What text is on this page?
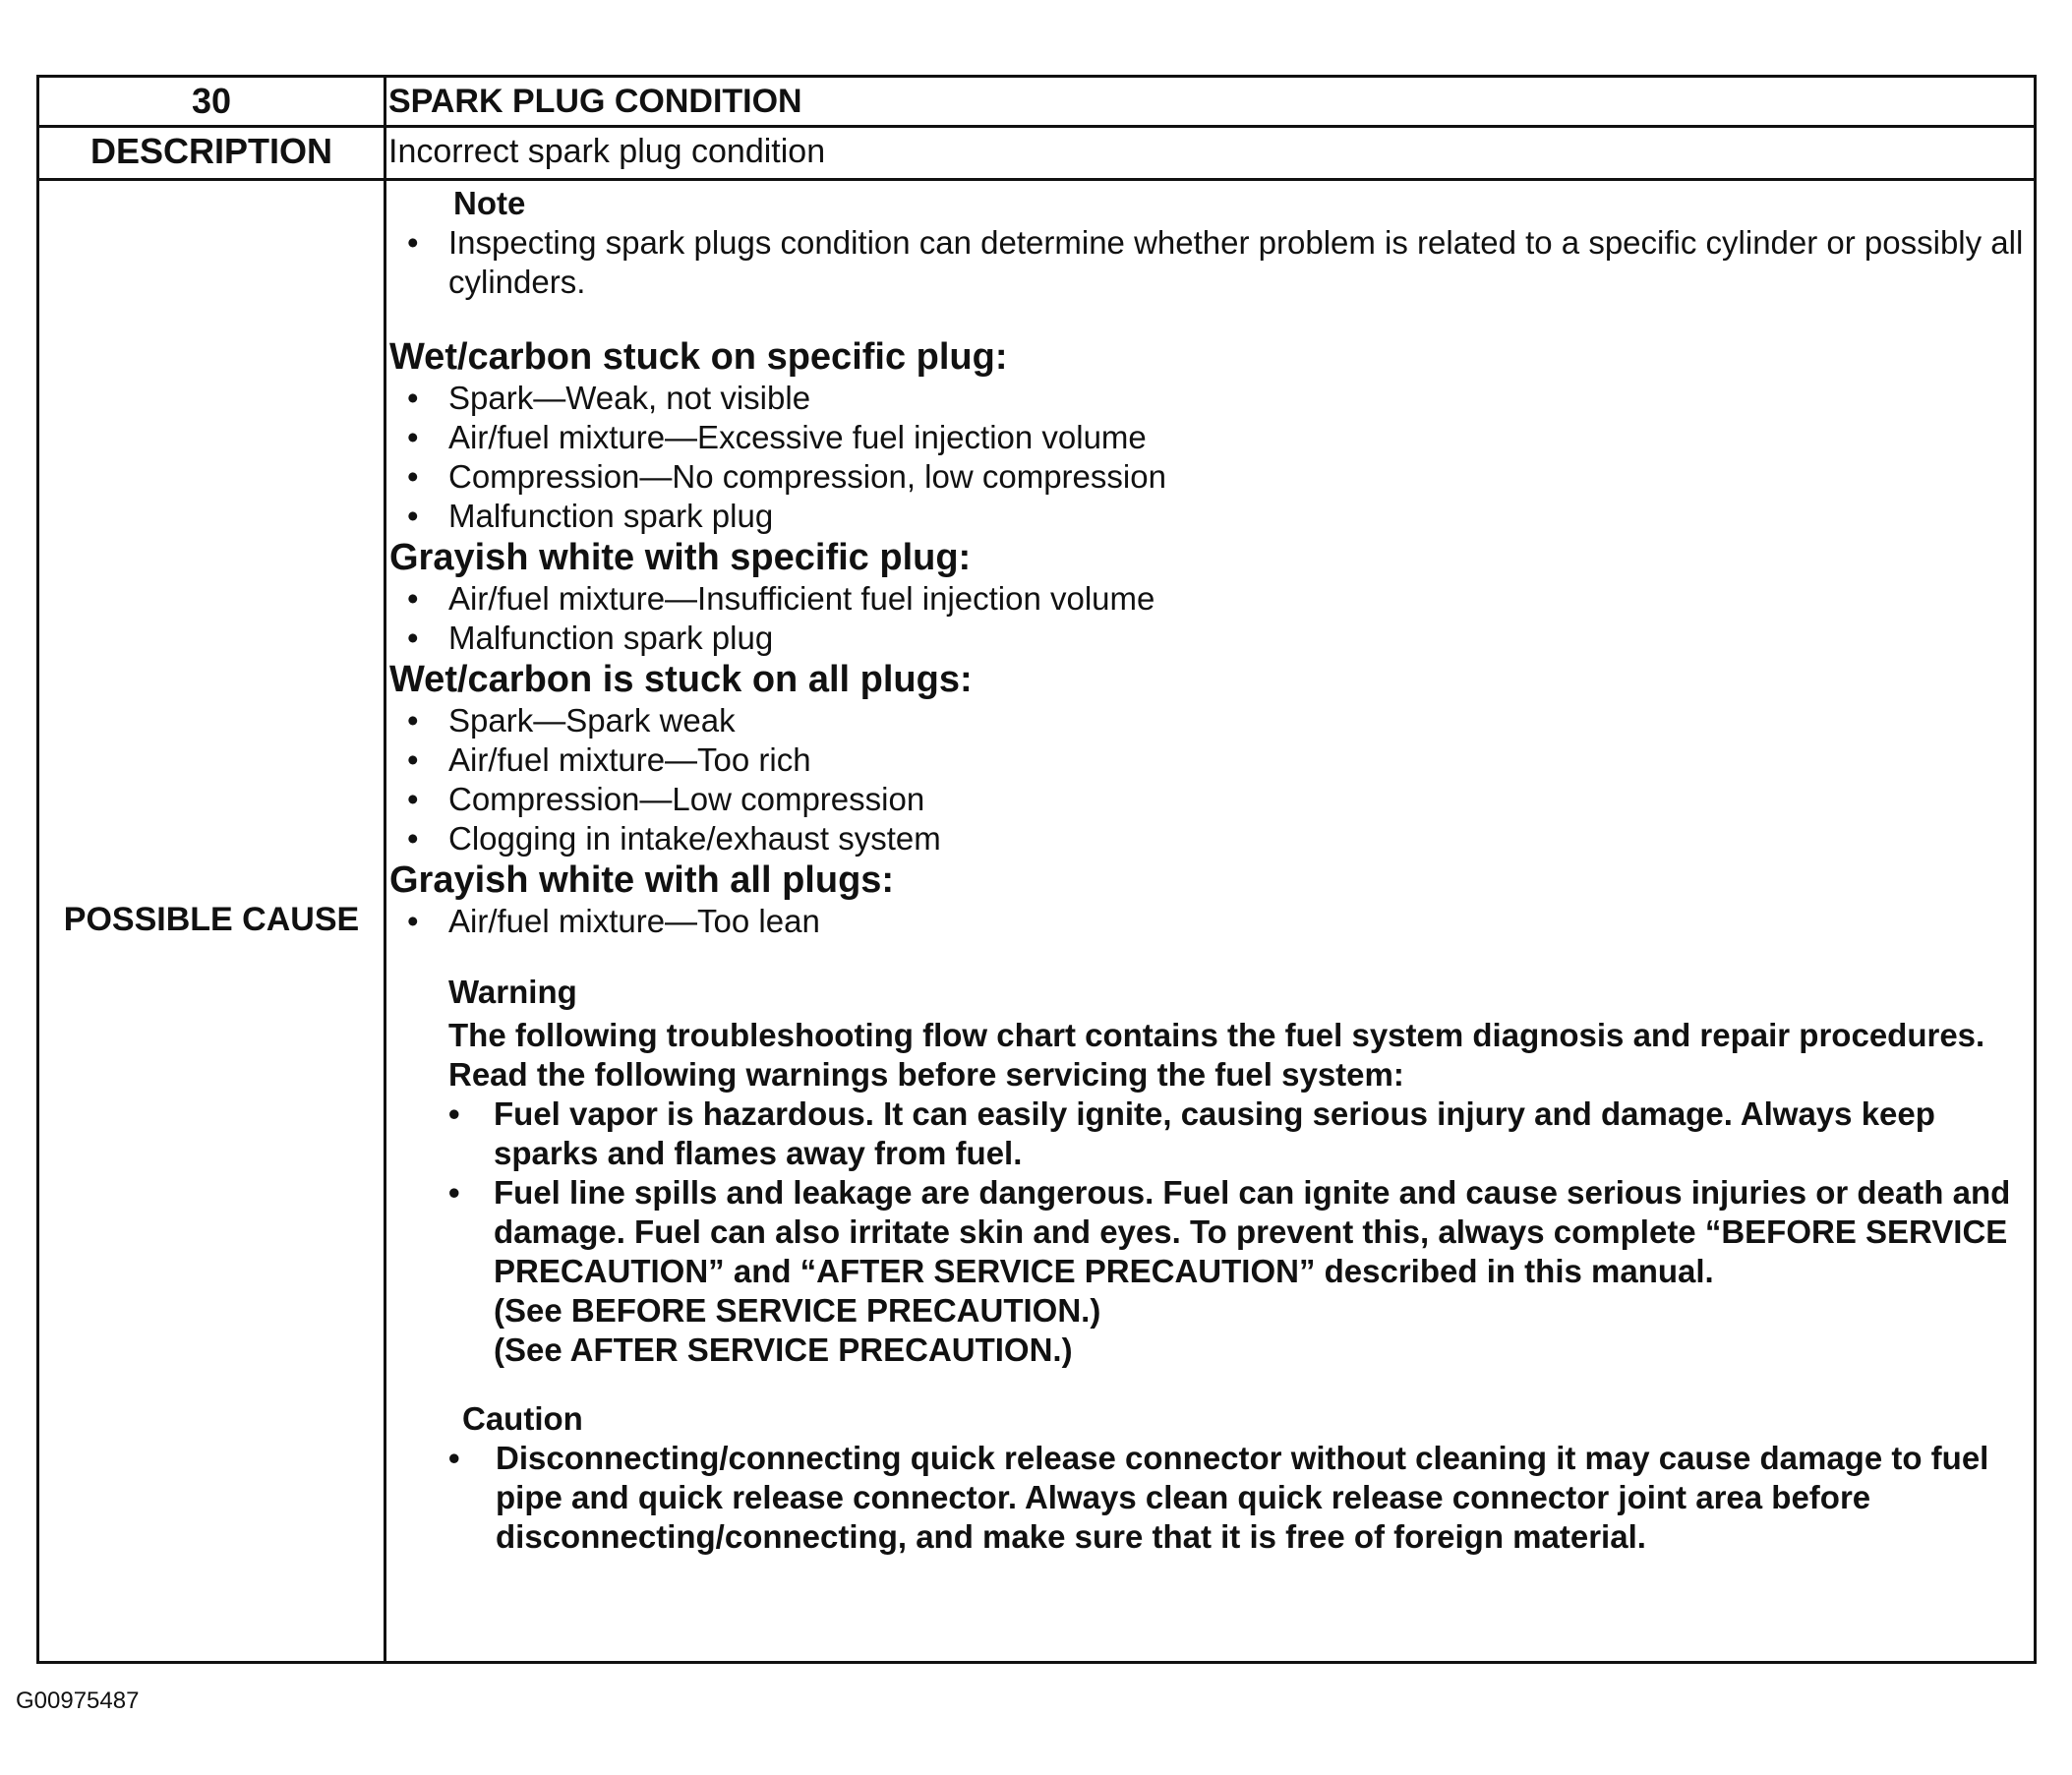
30	SPARK PLUG CONDITION
DESCRIPTION	Incorrect spark plug condition
POSSIBLE CAUSE
Note
• Inspecting spark plugs condition can determine whether problem is related to a specific cylinder or possibly all cylinders.
Wet/carbon stuck on specific plug:
• Spark—Weak, not visible
• Air/fuel mixture—Excessive fuel injection volume
• Compression—No compression, low compression
• Malfunction spark plug
Grayish white with specific plug:
• Air/fuel mixture—Insufficient fuel injection volume
• Malfunction spark plug
Wet/carbon is stuck on all plugs:
• Spark—Spark weak
• Air/fuel mixture—Too rich
• Compression—Low compression
• Clogging in intake/exhaust system
Grayish white with all plugs:
• Air/fuel mixture—Too lean
Warning
The following troubleshooting flow chart contains the fuel system diagnosis and repair procedures. Read the following warnings before servicing the fuel system:
• Fuel vapor is hazardous. It can easily ignite, causing serious injury and damage. Always keep sparks and flames away from fuel.
• Fuel line spills and leakage are dangerous. Fuel can ignite and cause serious injuries or death and damage. Fuel can also irritate skin and eyes. To prevent this, always complete “BEFORE SERVICE PRECAUTION” and “AFTER SERVICE PRECAUTION” described in this manual.
(See BEFORE SERVICE PRECAUTION.)
(See AFTER SERVICE PRECAUTION.)
Caution
• Disconnecting/connecting quick release connector without cleaning it may cause damage to fuel pipe and quick release connector. Always clean quick release connector joint area before disconnecting/connecting, and make sure that it is free of foreign material.
G00975487
